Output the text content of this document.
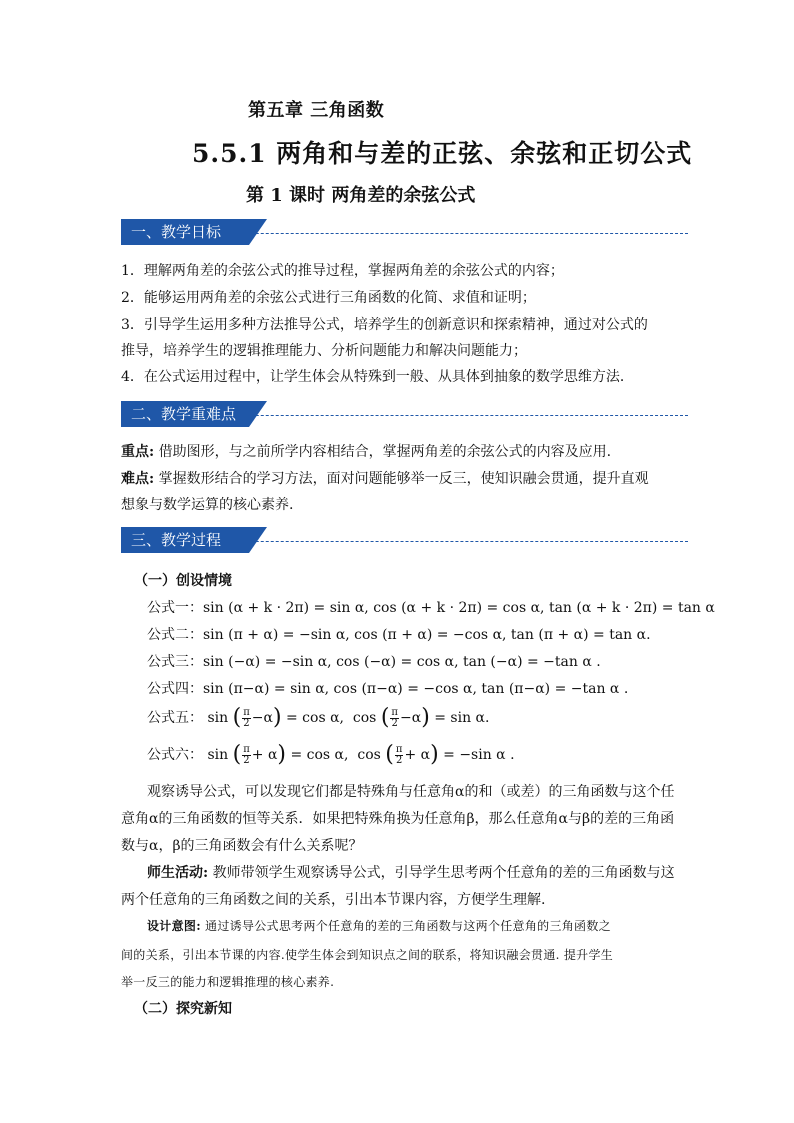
第五章 三角函数
5.5.1 两角和与差的正弦、余弦和正切公式
第 1 课时 两角差的余弦公式
一、教学日标
1．理解两角差的余弦公式的推导过程，掌握两角差的余弦公式的内容；
2．能够运用两角差的余弦公式进行三角函数的化简、求值和证明；
3．引导学生运用多种方法推导公式，培养学生的创新意识和探索精神，通过对公式的
推导，培养学生的逻辑推理能力、分析问题能力和解决问题能力；
4．在公式运用过程中，让学生体会从特殊到一般、从具体到抽象的数学思维方法．
二、教学重难点
重点: 借助图形，与之前所学内容相结合，掌握两角差的余弦公式的内容及应用.
难点: 掌握数形结合的学习方法，面对问题能够举一反三，使知识融会贯通，提升直观
想象与数学运算的核心素养.
三、教学过程
（一）创设情境
公式一：sin (α + k · 2π) = sin α, cos (α + k · 2π) = cos α, tan (α + k · 2π) = tan α
公式二：sin (π + α) = −sin α, cos (π + α) = −cos α, tan (π + α) = tan α.
公式三：sin (−α) = −sin α, cos (−α) = cos α, tan (−α) = −tan α .
公式四：sin (π−α) = sin α, cos (π−α) = −cos α, tan (π−α) = −tan α .
公式五： sin ( $\frac{\pi}{2} -\alpha) = \cos \alpha$, cos ( $\frac{\pi}{2} -\alpha) = \sin \alpha$.
公式六： sin ( $\frac{\pi}{2} + \alpha) = \cos \alpha$, cos ( $\frac{\pi}{2} + \alpha) = -\sin$ α .
观察诱导公式，可以发现它们都是特殊角与任意角α的和（或差）的三角函数与这个任
意角α的三角函数的恒等关系．如果把特殊角换为任意角β，那么任意角α与β的差的三角函
数与α，β的三角函数会有什么关系呢？
师生活动: 教师带领学生观察诱导公式，引导学生思考两个任意角的差的三角函数与这
两个任意角的三角函数之间的关系，引出本节课内容，方便学生理解.
设计意图: 通过诱导公式思考两个任意角的差的三角函数与这两个任意角的三角函数之
间的关系，引出本节课的内容.使学生体会到知识点之间的联系，将知识融会贯通. 提升学生
举一反三的能力和逻辑推理的核心素养.
（二）探究新知
